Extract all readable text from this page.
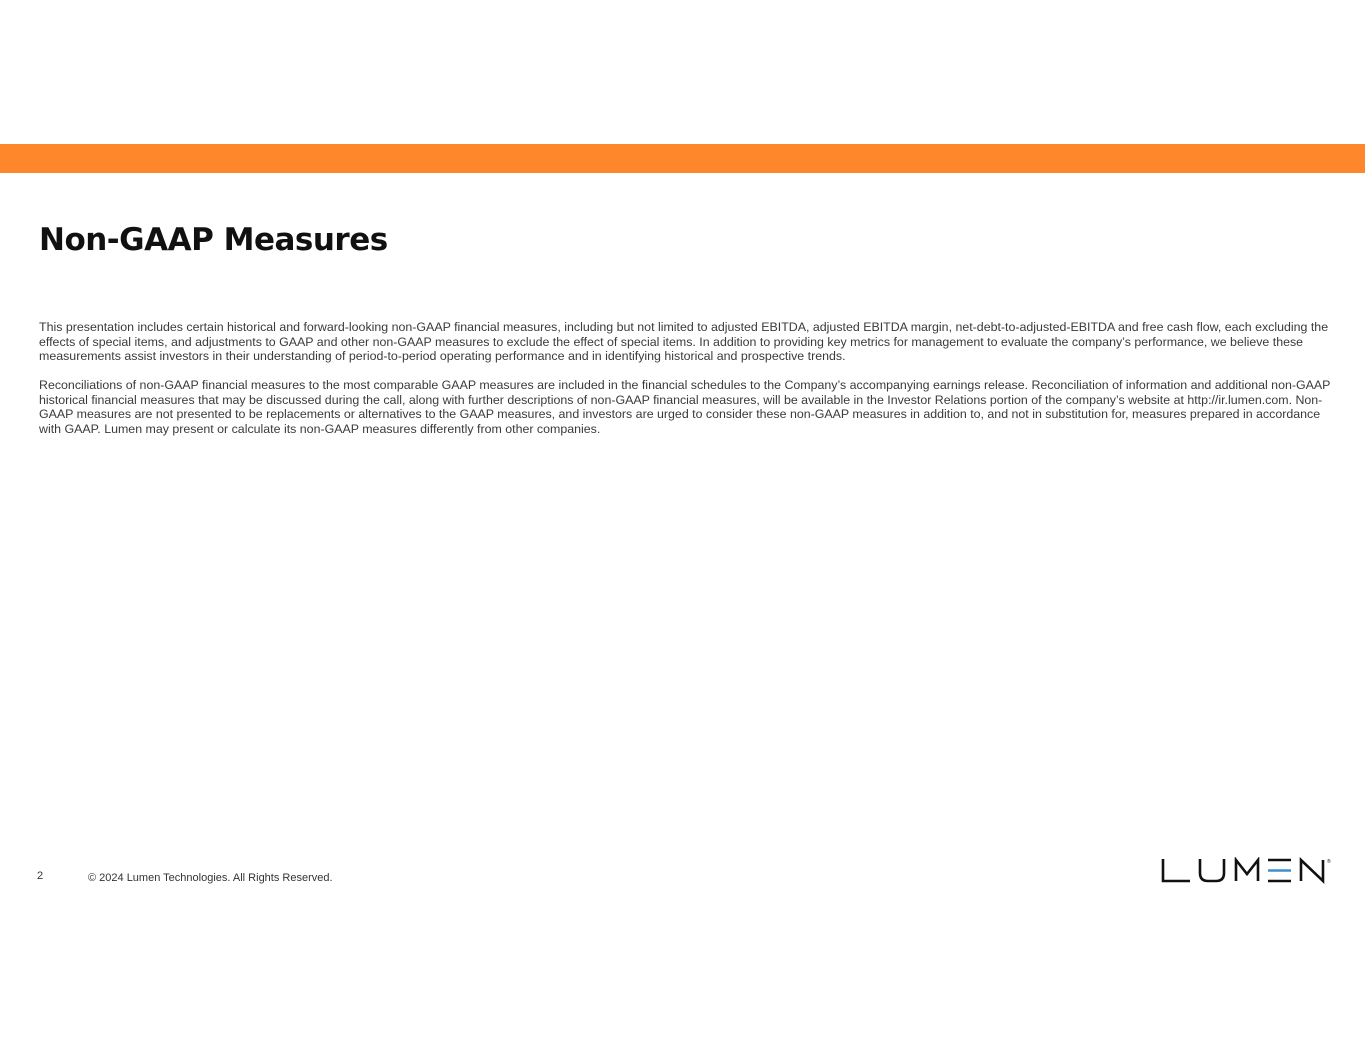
Non-GAAP Measures

This presentation includes certain historical and forward-looking non-GAAP financial measures, including but not limited to adjusted EBITDA, adjusted EBITDA margin, net-debt-to-adjusted-EBITDA and free cash flow, each excluding the effects of special items, and adjustments to GAAP and other non-GAAP measures to exclude the effect of special items. In addition to providing key metrics for management to evaluate the company’s performance, we believe these measurements assist investors in their understanding of period-to-period operating performance and in identifying historical and prospective trends.

Reconciliations of non-GAAP financial measures to the most comparable GAAP measures are included in the financial schedules to the Company’s accompanying earnings release. Reconciliation of information and additional non-GAAP historical financial measures that may be discussed during the call, along with further descriptions of non-GAAP financial measures, will be available in the Investor Relations portion of the company’s website at http://ir.lumen.com. Non-GAAP measures are not presented to be replacements or alternatives to the GAAP measures, and investors are urged to consider these non-GAAP measures in addition to, and not in substitution for, measures prepared in accordance with GAAP. Lumen may present or calculate its non-GAAP measures differently from other companies.

2	© 2024 Lumen Technologies. All Rights Reserved.
®
